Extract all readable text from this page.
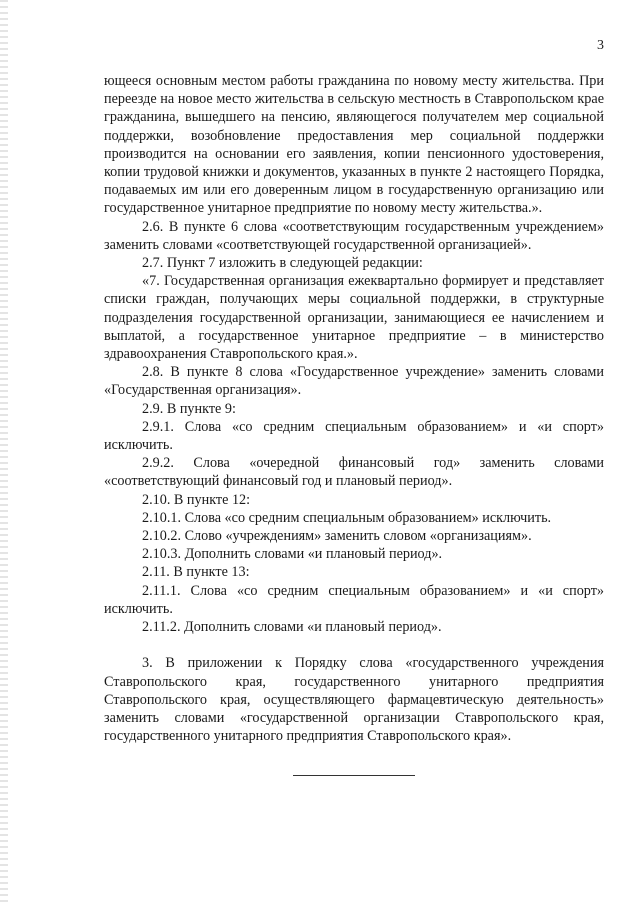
3

ющееся основным местом работы гражданина по новому месту жительства. При переезде на новое место жительства в сельскую местность в Ставропольском крае гражданина, вышедшего на пенсию, являющегося получателем мер социальной поддержки, возобновление предоставления мер социальной поддержки производится на основании его заявления, копии пенсионного удостоверения, копии трудовой книжки и документов, указанных в пункте 2 настоящего Порядка, подаваемых им или его доверенным лицом в государственную организацию или государственное унитарное предприятие по новому месту жительства.».

2.6. В пункте 6 слова «соответствующим государственным учреждением» заменить словами «соответствующей государственной организацией».

2.7. Пункт 7 изложить в следующей редакции:

«7. Государственная организация ежеквартально формирует и представляет списки граждан, получающих меры социальной поддержки, в структурные подразделения государственной организации, занимающиеся ее начислением и выплатой, а государственное унитарное предприятие – в министерство здравоохранения Ставропольского края.».

2.8. В пункте 8 слова «Государственное учреждение» заменить словами «Государственная организация».

2.9. В пункте 9:

2.9.1. Слова «со средним специальным образованием» и «и спорт» исключить.

2.9.2. Слова «очередной финансовый год» заменить словами «соответствующий финансовый год и плановый период».

2.10. В пункте 12:

2.10.1. Слова «со средним специальным образованием» исключить.

2.10.2. Слово «учреждениям» заменить словом «организациям».

2.10.3. Дополнить словами «и плановый период».

2.11. В пункте 13:

2.11.1. Слова «со средним специальным образованием» и «и спорт» исключить.

2.11.2. Дополнить словами «и плановый период».

3. В приложении к Порядку слова «государственного учреждения Ставропольского края, государственного унитарного предприятия Ставропольского края, осуществляющего фармацевтическую деятельность» заменить словами «государственной организации Ставропольского края, государственного унитарного предприятия Ставропольского края».
